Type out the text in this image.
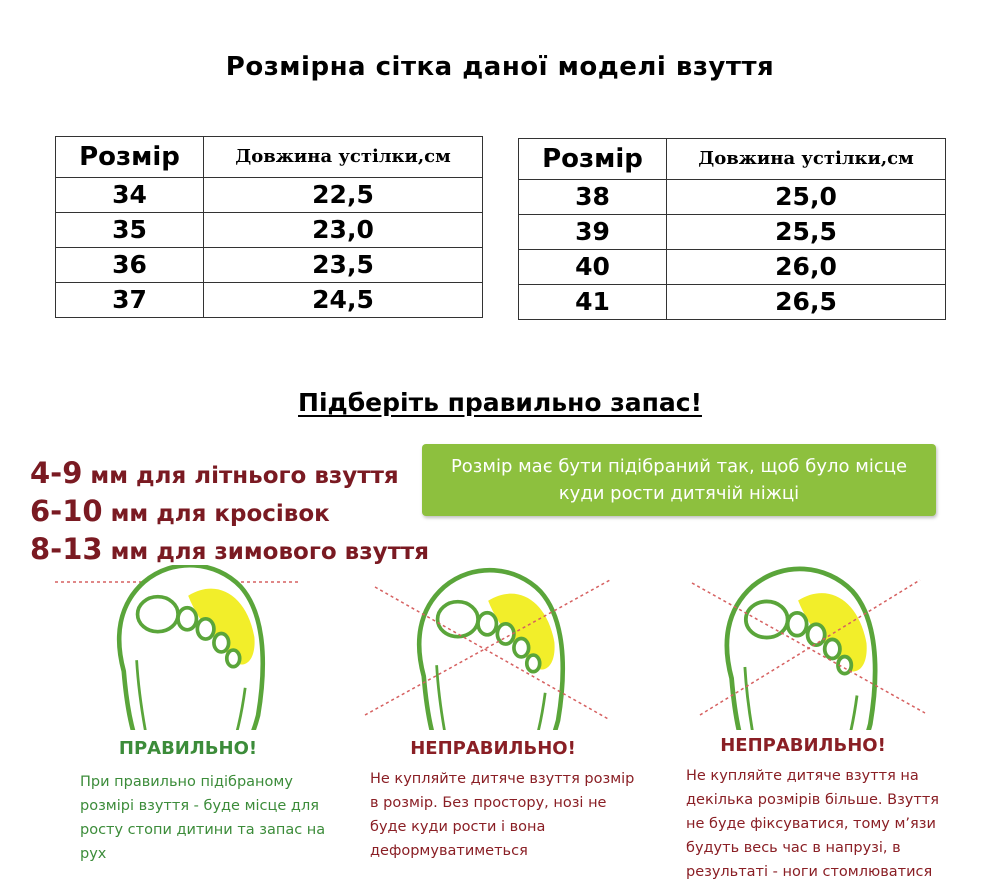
Розмірна сітка даної моделі взуття
Розмір	Довжина устілки,см
34	22,5
35	23,0
36	23,5
37	24,5
Розмір	Довжина устілки,см
38	25,0
39	25,5
40	26,0
41	26,5
Підберіть правильно запас!
4-9 мм для літнього взуття
6-10 мм для кросівок
8-13 мм для зимового взуття
Розмір має бути підібраний так, щоб було місце куди рости дитячій ніжці
ПРАВИЛЬНО!	НЕПРАВИЛЬНО!	НЕПРАВИЛЬНО!
При правильно підібраному розмірі взуття - буде місце для росту стопи дитини та запас на рух
Не купляйте дитяче взуття розмір в розмір. Без простору, нозі не буде куди рости і вона деформуватиметься
Не купляйте дитяче взуття на декілька розмірів більше. Взуття не буде фіксуватися, тому м’язи будуть весь час в напрузі, в результаті - ноги стомлюватися
